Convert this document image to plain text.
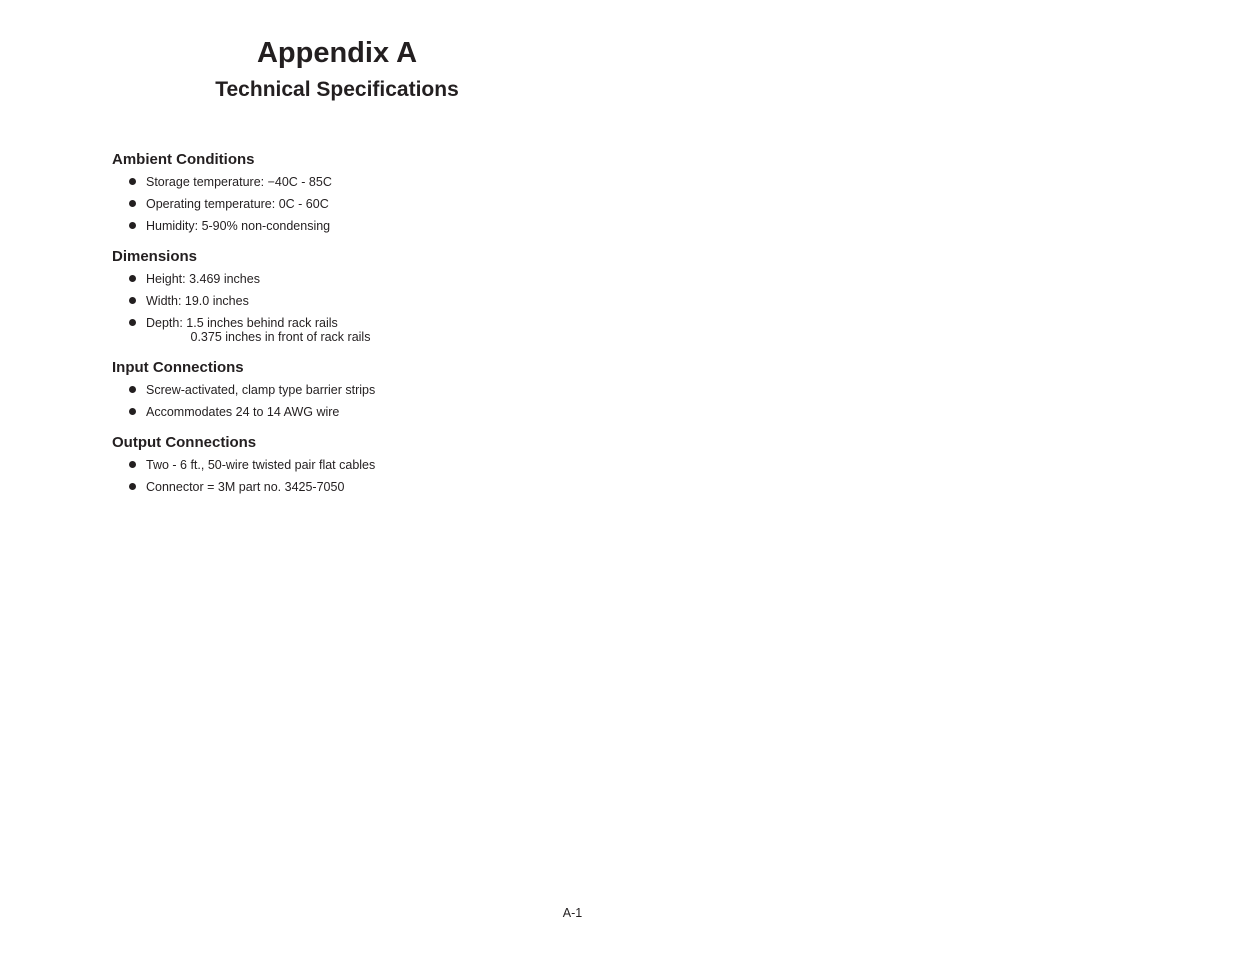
Appendix A
Technical Specifications
Ambient Conditions
Storage temperature: −40C - 85C
Operating temperature: 0C - 60C
Humidity: 5-90% non-condensing
Dimensions
Height: 3.469 inches
Width: 19.0 inches
Depth: 1.5 inches behind rack rails
0.375 inches in front of rack rails
Input Connections
Screw-activated, clamp type barrier strips
Accommodates 24 to 14 AWG wire
Output Connections
Two - 6 ft., 50-wire twisted pair flat cables
Connector = 3M part no. 3425-7050
A-1
